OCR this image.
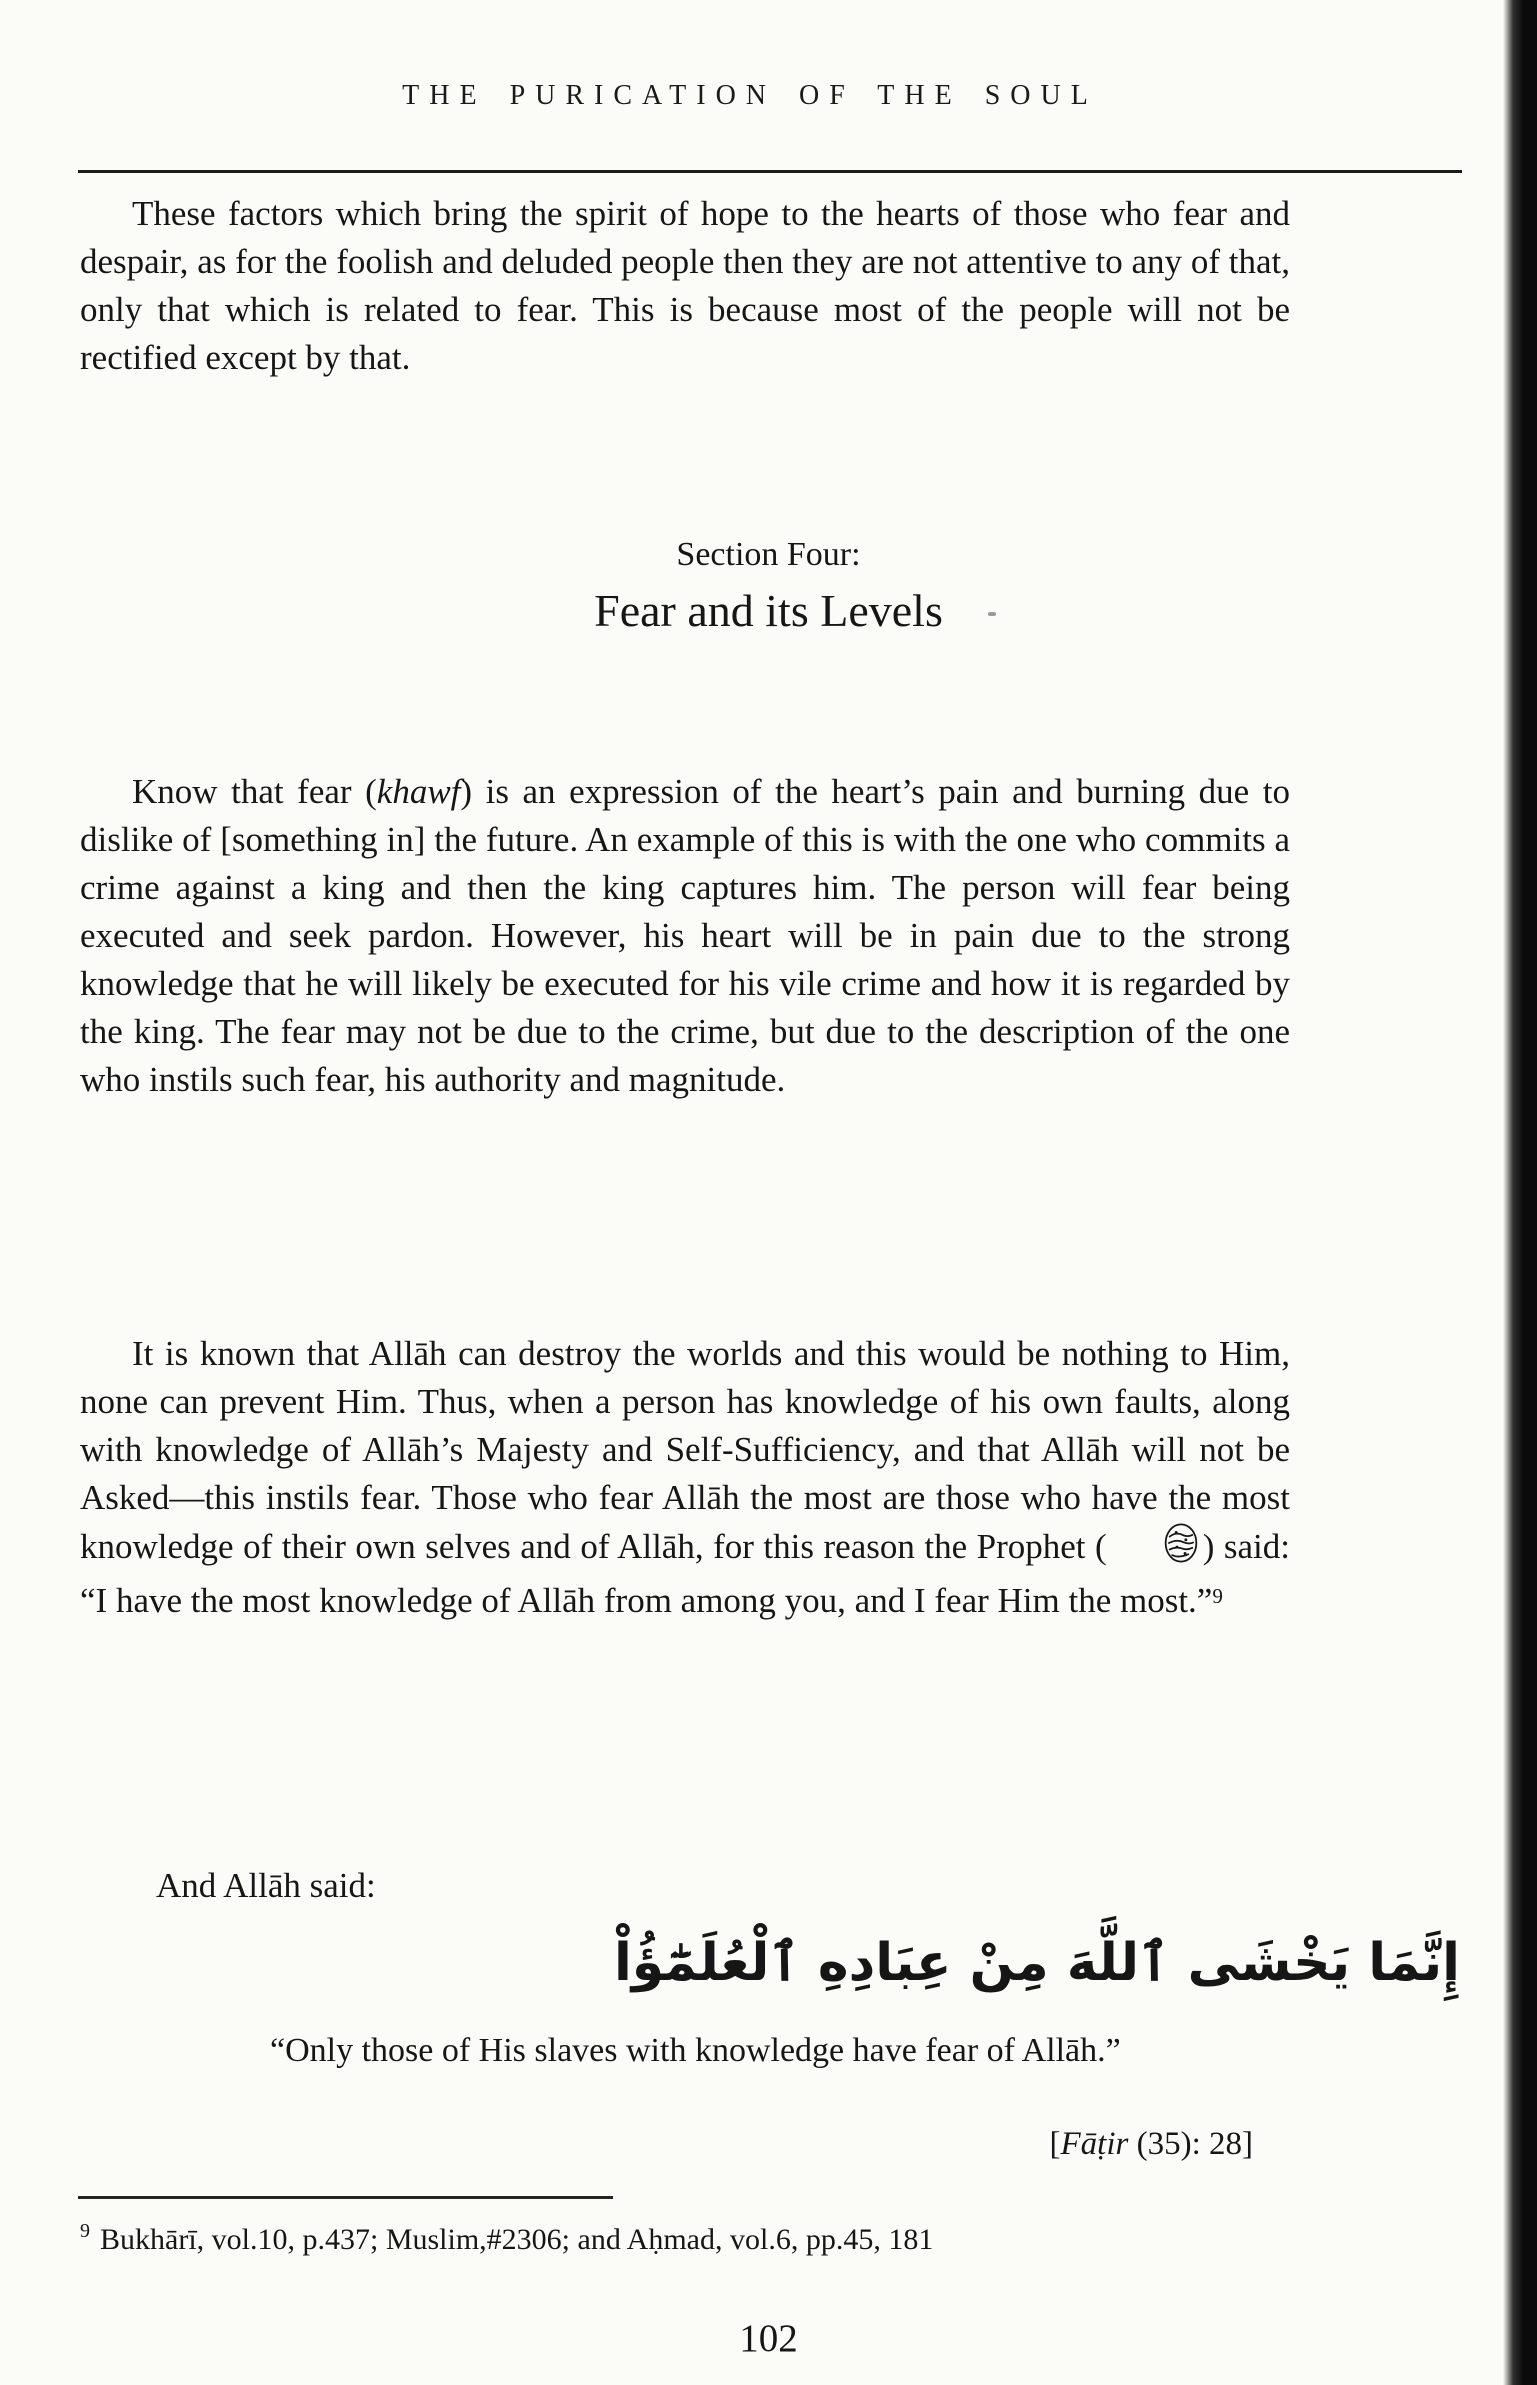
THE PURICATION OF THE SOUL

These factors which bring the spirit of hope to the hearts of those who fear and despair, as for the foolish and deluded people then they are not attentive to any of that, only that which is related to fear. This is because most of the people will not be rectified except by that.

Know that fear (khawf) is an expression of the heart’s pain and burning due to dislike of [something in] the future. An example of this is with the one who commits a crime against a king and then the king captures him. The person will fear being executed and seek pardon. However, his heart will be in pain due to the strong knowledge that he will likely be executed for his vile crime and how it is regarded by the king. The fear may not be due to the crime, but due to the description of the one who instils such fear, his authority and magnitude.

It is known that Allāh can destroy the worlds and this would be nothing to Him, none can prevent Him. Thus, when a person has knowledge of his own faults, along with knowledge of Allāh’s Majesty and Self-Sufficiency, and that Allāh will not be Asked—this instils fear. Those who fear Allāh the most are those who have the most knowledge of their own selves and of Allāh, for this reason the Prophet (	) said: “I have the most knowledge of Allāh from among you, and I fear Him the most.”$^9$

And Allāh said:

“Only those of His slaves with knowledge have fear of Allāh.”
[Fāṭir (35): 28]
$^9$ Bukhārī, vol.10, p.437; Muslim,#2306; and Aḥmad, vol.6, pp.45, 181
Section Four:
Fear and its Levels
إِنَّمَا يَخْشَى ٱللَّهَ مِنْ عِبَادِهِ ٱلْعُلَمَٰٓؤُاْ
102
